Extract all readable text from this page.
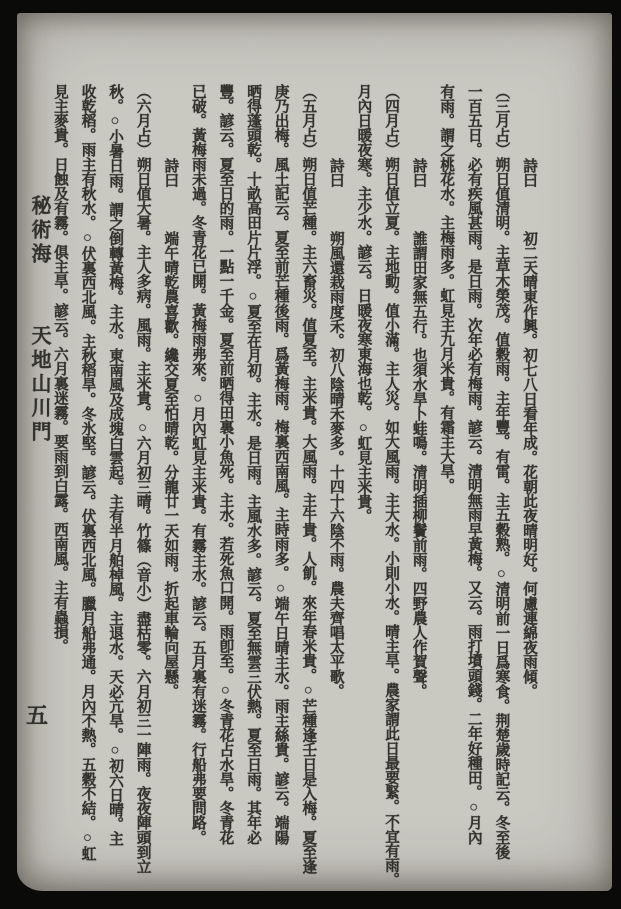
詩曰 初二天晴東作興。初七八日看年成。花朝此夜晴明好。何慮連綿夜雨傾。
（三月占）朔日值清明。主草木榮茂。值穀雨。主年豐。有雷。主五穀熟。○清明前一日爲寒食。荆楚歲時記云。冬至後
一百五日。必有疾風甚雨。是日雨。次年必有梅雨。諺云。清明無雨早黃梅。又云。雨打墳頭錢。二年好種田。○月內
有雨。謂之桃花水。主梅雨多。虹見主九月米貴。有霜主大旱。
詩曰 誰謂田家無五行。也須水旱卜蛙鳴。清明插柳鬢前雨。四野農人作賀聲。
（四月占）朔日值立夏。主地動。值小滿。主人災。如大風雨。主大水。小則小水。晴主旱。農家謂此日最要緊。不宜有雨。
月內日暖夜寒。主少水。諺云。日暖夜寒東海也乾。○虹見主米貴。
詩曰 朔風還栽雨度禾。初八陰晴禾麥多。十四十六陰不雨。農夫齊唱太平歌。
（五月占）朔日值芒種。主六畜災。值夏至。主米貴。大風雨。主牛貴。人飢。來年春米貴。○芒種逢壬日是入梅。夏至逢
庚乃出梅。風土記云。夏至前芒種後雨。爲黃梅雨。梅裏西南風。主時雨多。○端午日晴主水。雨主絲貴。諺云。端陽
晒得蓬頭乾。十畝高田片片浮。○夏至在月初。主水。是日雨。主風水多。諺云。夏至無雲三伏熱。夏至日雨。其年必
豐。諺云。夏至日的雨。一點一千金。夏至前晒得田裏小魚死。主水。若死魚口開。雨卽至。○冬青花占水旱。冬青花
已破。黃梅雨未過。冬青花已開。黃梅雨弗來。○月內虹見主米貴。有霧主水。諺云。五月裏有迷霧。行船弗要問路。
詩曰 端午晴乾農喜歡。纔交夏至怕晴乾。分龍廿一天如雨。折起車輪向屋懸。
（六月占）朔日值大暑。主人多病。風雨。主米貴。○六月初三晴。竹篠（音小）盡枯零。六月初三一陣雨。夜夜陣頭到立
秋。○小暑日雨。謂之倒轉黃梅。主水。東南風及成塊白雲起。主有半月舶棹風。主退水。天必亢旱。○初六日晴。主
收乾稻。雨主有秋水。○伏裏西北風。主秋稻旱。冬氷堅。諺云。伏裏西北風。臘月船弗通。月內不熱。五穀不結。○虹
見主麥貴。日蝕及有霧。俱主旱。諺云。六月裏迷霧。要雨到白露。西南風。主有蟲損。
秘術海 天地山川門
五
